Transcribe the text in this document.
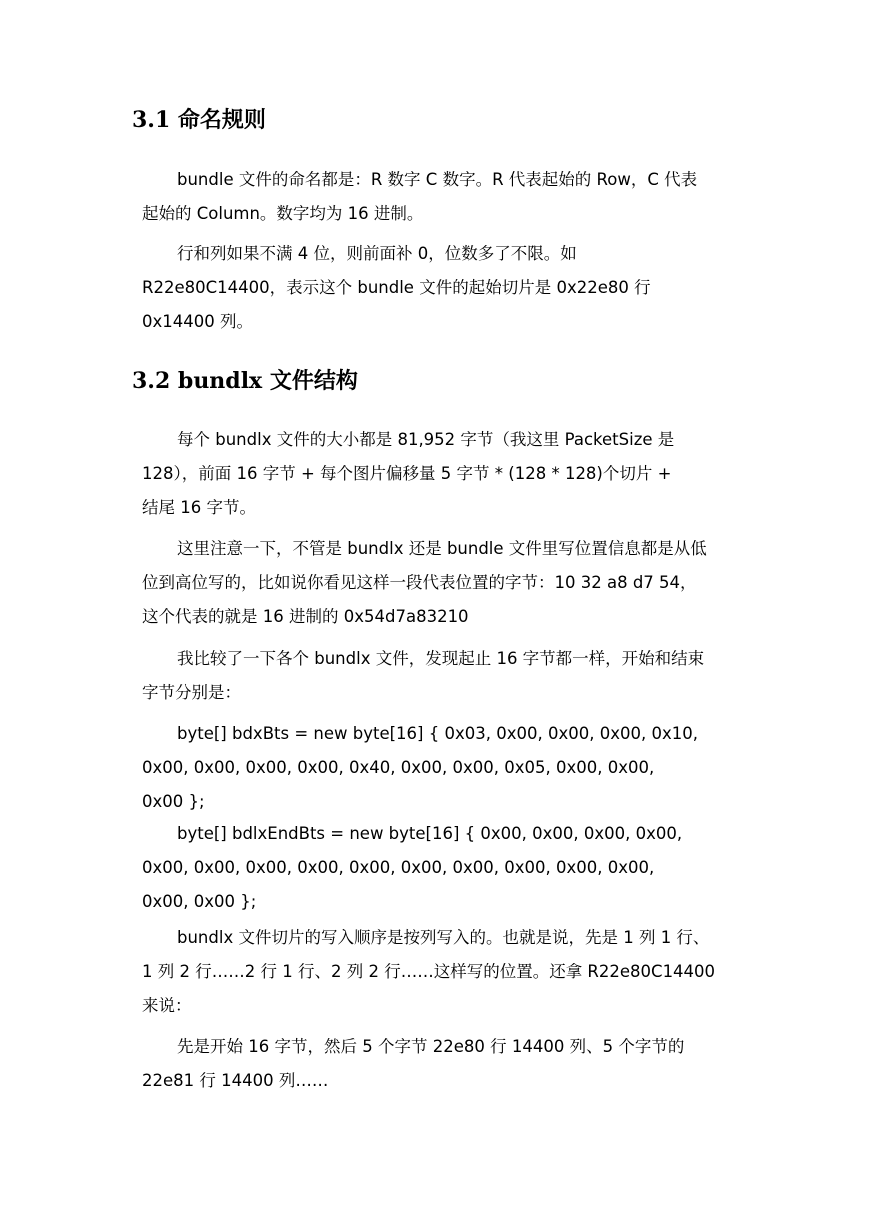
3.1 命名规则

bundle 文件的命名都是：R 数字 C 数字。R 代表起始的 Row，C 代表
起始的 Column。数字均为 16 进制。

行和列如果不满 4 位，则前面补 0，位数多了不限。如
R22e80C14400，表示这个 bundle 文件的起始切片是 0x22e80 行
0x14400 列。

3.2 bundlx 文件结构

每个 bundlx 文件的大小都是 81,952 字节（我这里 PacketSize 是
128），前面 16 字节 + 每个图片偏移量 5 字节 * (128 * 128)个切片 +
结尾 16 字节。

这里注意一下，不管是 bundlx 还是 bundle 文件里写位置信息都是从低
位到高位写的，比如说你看见这样一段代表位置的字节：10 32 a8 d7 54，
这个代表的就是 16 进制的 0x54d7a83210

我比较了一下各个 bundlx 文件，发现起止 16 字节都一样，开始和结束
字节分别是：

byte[] bdxBts = new byte[16] { 0x03, 0x00, 0x00, 0x00, 0x10,
0x00, 0x00, 0x00, 0x00, 0x40, 0x00, 0x00, 0x05, 0x00, 0x00,
0x00 };

byte[] bdlxEndBts = new byte[16] { 0x00, 0x00, 0x00, 0x00,
0x00, 0x00, 0x00, 0x00, 0x00, 0x00, 0x00, 0x00, 0x00, 0x00,
0x00, 0x00 };

bundlx 文件切片的写入顺序是按列写入的。也就是说，先是 1 列 1 行、
1 列 2 行……2 行 1 行、2 列 2 行……这样写的位置。还拿 R22e80C14400
来说：

先是开始 16 字节，然后 5 个字节 22e80 行 14400 列、5 个字节的
22e81 行 14400 列……
